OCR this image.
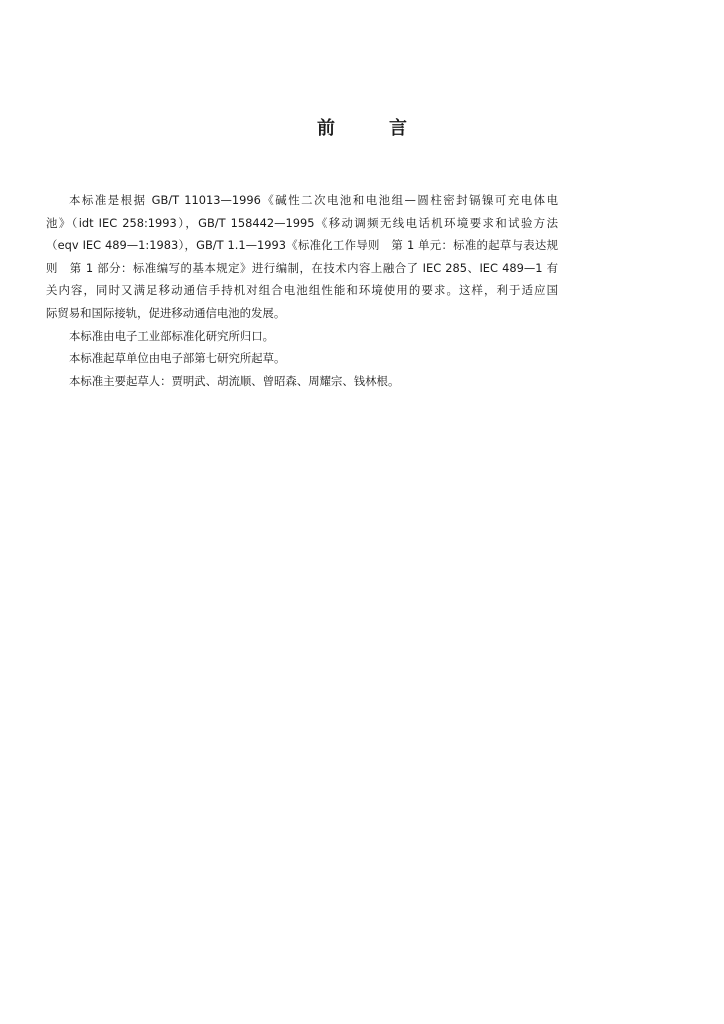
前	言
本标准是根据 GB/T 11013—1996《碱性二次电池和电池组—圆柱密封镉镍可充电体电
池》（idt IEC 258:1993），GB/T 158442—1995《移动调频无线电话机环境要求和试验方法
（eqv IEC 489—1:1983），GB/T 1.1—1993《标准化工作导则　第 1 单元：标准的起草与表达规
则　第 1 部分：标准编写的基本规定》进行编制，在技术内容上融合了 IEC 285、IEC 489—1 有
关内容，同时又满足移动通信手持机对组合电池组性能和环境使用的要求。这样，利于适应国
际贸易和国际接轨，促进移动通信电池的发展。
本标准由电子工业部标准化研究所归口。
本标准起草单位由电子部第七研究所起草。
本标准主要起草人：贾明武、胡流顺、曾昭森、周耀宗、钱林根。
